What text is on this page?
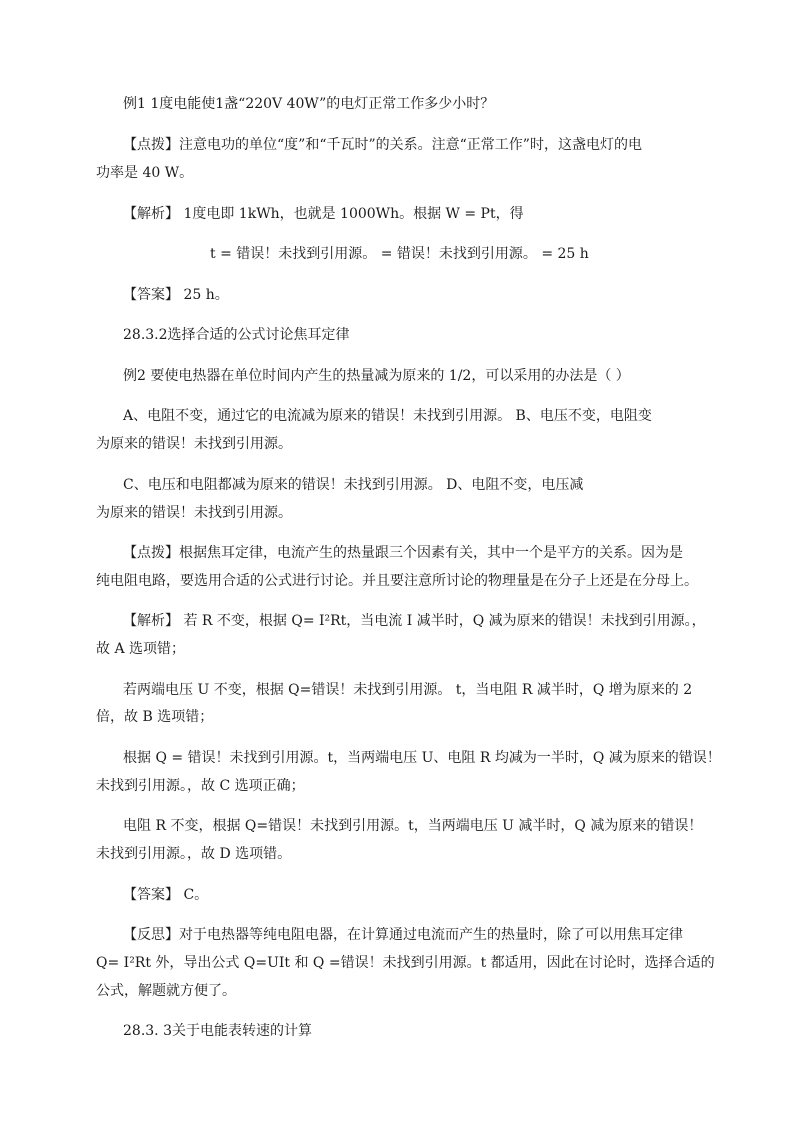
例1 1度电能使1盏“220V 40W”的电灯正常工作多少小时？
【点拨】注意电功的单位“度”和“千瓦时”的关系。注意“正常工作”时，这盏电灯的电
功率是 40 W。
【解析】 1度电即 1kWh，也就是 1000Wh。根据 W = Pt，得
t = 错误！未找到引用源。 = 错误！未找到引用源。 = 25 h
【答案】 25 h。
28.3.2选择合适的公式讨论焦耳定律
例2 要使电热器在单位时间内产生的热量减为原来的 1/2，可以采用的办法是（ ）
A、电阻不变，通过它的电流减为原来的错误！未找到引用源。 B、电压不变，电阻变
为原来的错误！未找到引用源。
C、电压和电阻都减为原来的错误！未找到引用源。 D、电阻不变，电压减
为原来的错误！未找到引用源。
【点拨】根据焦耳定律，电流产生的热量跟三个因素有关，其中一个是平方的关系。因为是
纯电阻电路，要选用合适的公式进行讨论。并且要注意所讨论的物理量是在分子上还是在分母上。
【解析】 若 R 不变，根据 Q= I²Rt，当电流 I 减半时，Q 减为原来的错误！未找到引用源。，
故 A 选项错；
若两端电压 U 不变，根据 Q=错误！未找到引用源。 t，当电阻 R 减半时，Q 增为原来的 2
倍，故 B 选项错；
根据 Q = 错误！未找到引用源。t，当两端电压 U、电阻 R 均减为一半时，Q 减为原来的错误！
未找到引用源。，故 C 选项正确；
电阻 R 不变，根据 Q=错误！未找到引用源。t，当两端电压 U 减半时，Q 减为原来的错误！
未找到引用源。，故 D 选项错。
【答案】 C。
【反思】对于电热器等纯电阻电器，在计算通过电流而产生的热量时，除了可以用焦耳定律
Q= I²Rt 外，导出公式 Q=UIt 和 Q =错误！未找到引用源。t 都适用，因此在讨论时，选择合适的
公式，解题就方便了。
28.3. 3关于电能表转速的计算
